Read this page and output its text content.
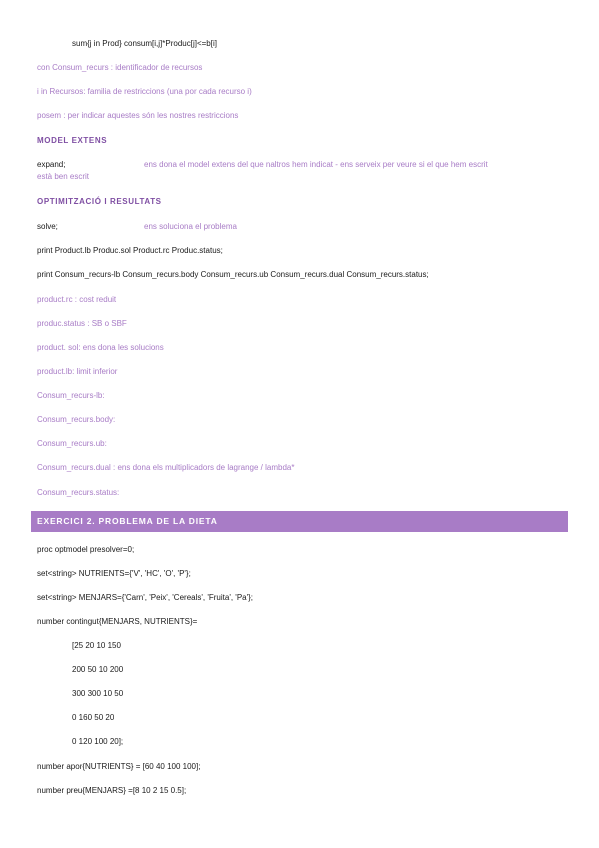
sum{j in Prod} consum[i,j]*Produc[j]<=b[i]
con Consum_recurs : identificador de recursos
i in Recursos: familia de restriccions (una por cada recurso i)
posem : per indicar aquestes són les nostres restriccions
MODEL EXTENS
expand;	ens dona el model extens del que naltros hem indicat - ens serveix per veure si el que hem escrit
està ben escrit
OPTIMITZACIÓ I RESULTATS
solve;	ens soluciona el problema
print Product.lb Produc.sol Product.rc Produc.status;
print Consum_recurs-lb Consum_recurs.body Consum_recurs.ub Consum_recurs.dual Consum_recurs.status;
product.rc : cost reduit
produc.status : SB o SBF
product. sol: ens dona les solucions
product.lb: limit inferior
Consum_recurs-lb:
Consum_recurs.body:
Consum_recurs.ub:
Consum_recurs.dual : ens dona els multiplicadors de lagrange / lambda*
Consum_recurs.status:
EXERCICI 2. PROBLEMA DE LA DIETA
proc optmodel presolver=0;
set<string> NUTRIENTS={'V', 'HC', 'O', 'P'};
set<string> MENJARS={'Carn', 'Peix', 'Cereals', 'Fruita', 'Pa'};
number contingut{MENJARS, NUTRIENTS}=
[25 20 10 150
200 50 10 200
300 300 10 50
0 160 50 20
0 120 100 20];
number apor{NUTRIENTS} = [60 40 100 100];
number preu{MENJARS} =[8 10 2 15 0.5];
